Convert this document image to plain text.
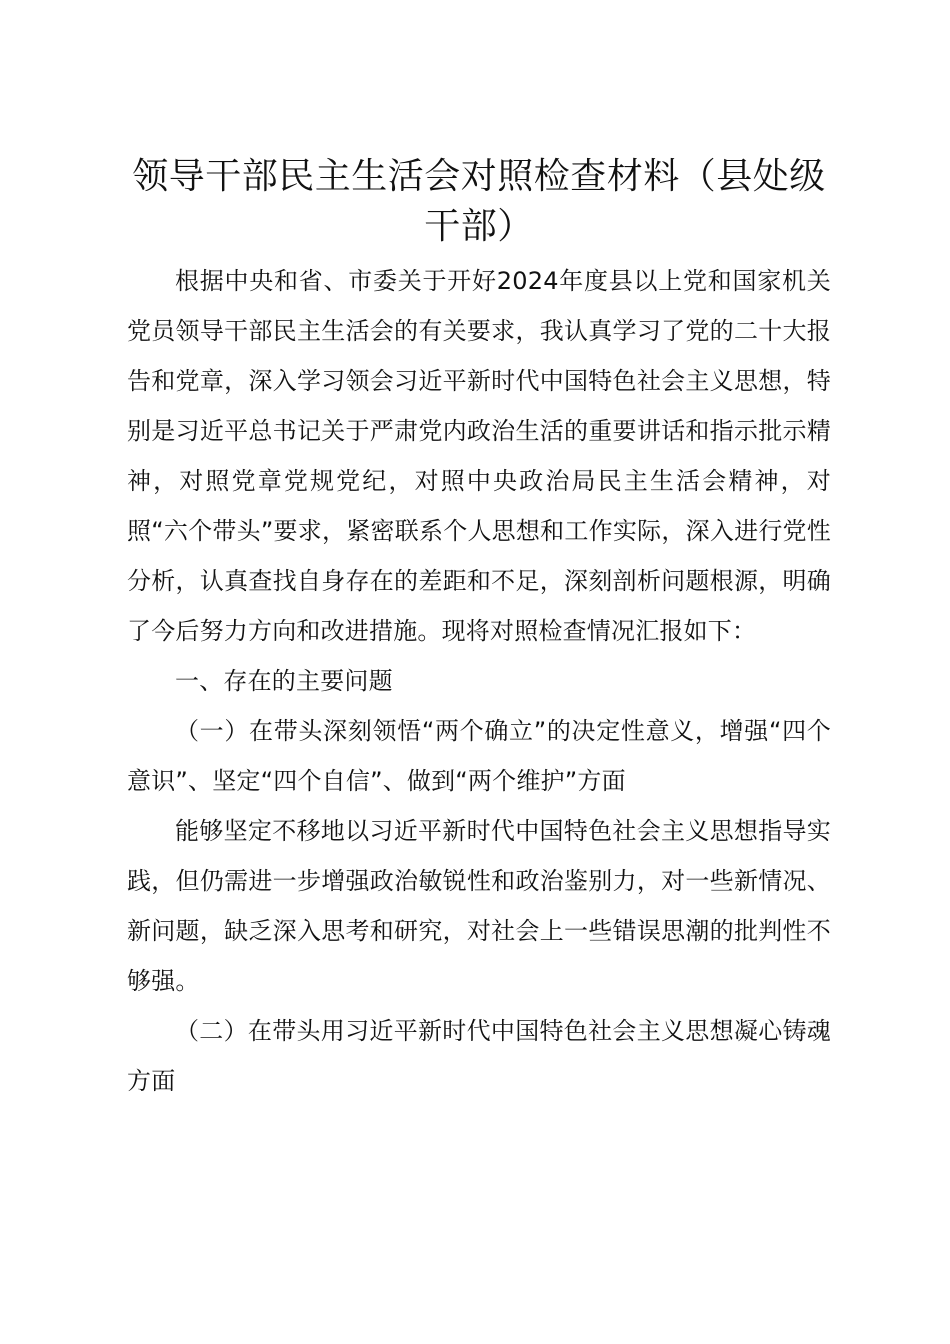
领导干部民主生活会对照检查材料（县处级干部）

根据中央和省、市委关于开好2024年度县以上党和国家机关党员领导干部民主生活会的有关要求，我认真学习了党的二十大报告和党章，深入学习领会习近平新时代中国特色社会主义思想，特别是习近平总书记关于严肃党内政治生活的重要讲话和指示批示精神，对照党章党规党纪，对照中央政治局民主生活会精神，对照“六个带头”要求，紧密联系个人思想和工作实际，深入进行党性分析，认真查找自身存在的差距和不足，深刻剖析问题根源，明确了今后努力方向和改进措施。现将对照检查情况汇报如下：

一、存在的主要问题

（一）在带头深刻领悟“两个确立”的决定性意义，增强“四个意识”、坚定“四个自信”、做到“两个维护”方面

能够坚定不移地以习近平新时代中国特色社会主义思想指导实践，但仍需进一步增强政治敏锐性和政治鉴别力，对一些新情况、新问题，缺乏深入思考和研究，对社会上一些错误思潮的批判性不够强。

（二）在带头用习近平新时代中国特色社会主义思想凝心铸魂方面
